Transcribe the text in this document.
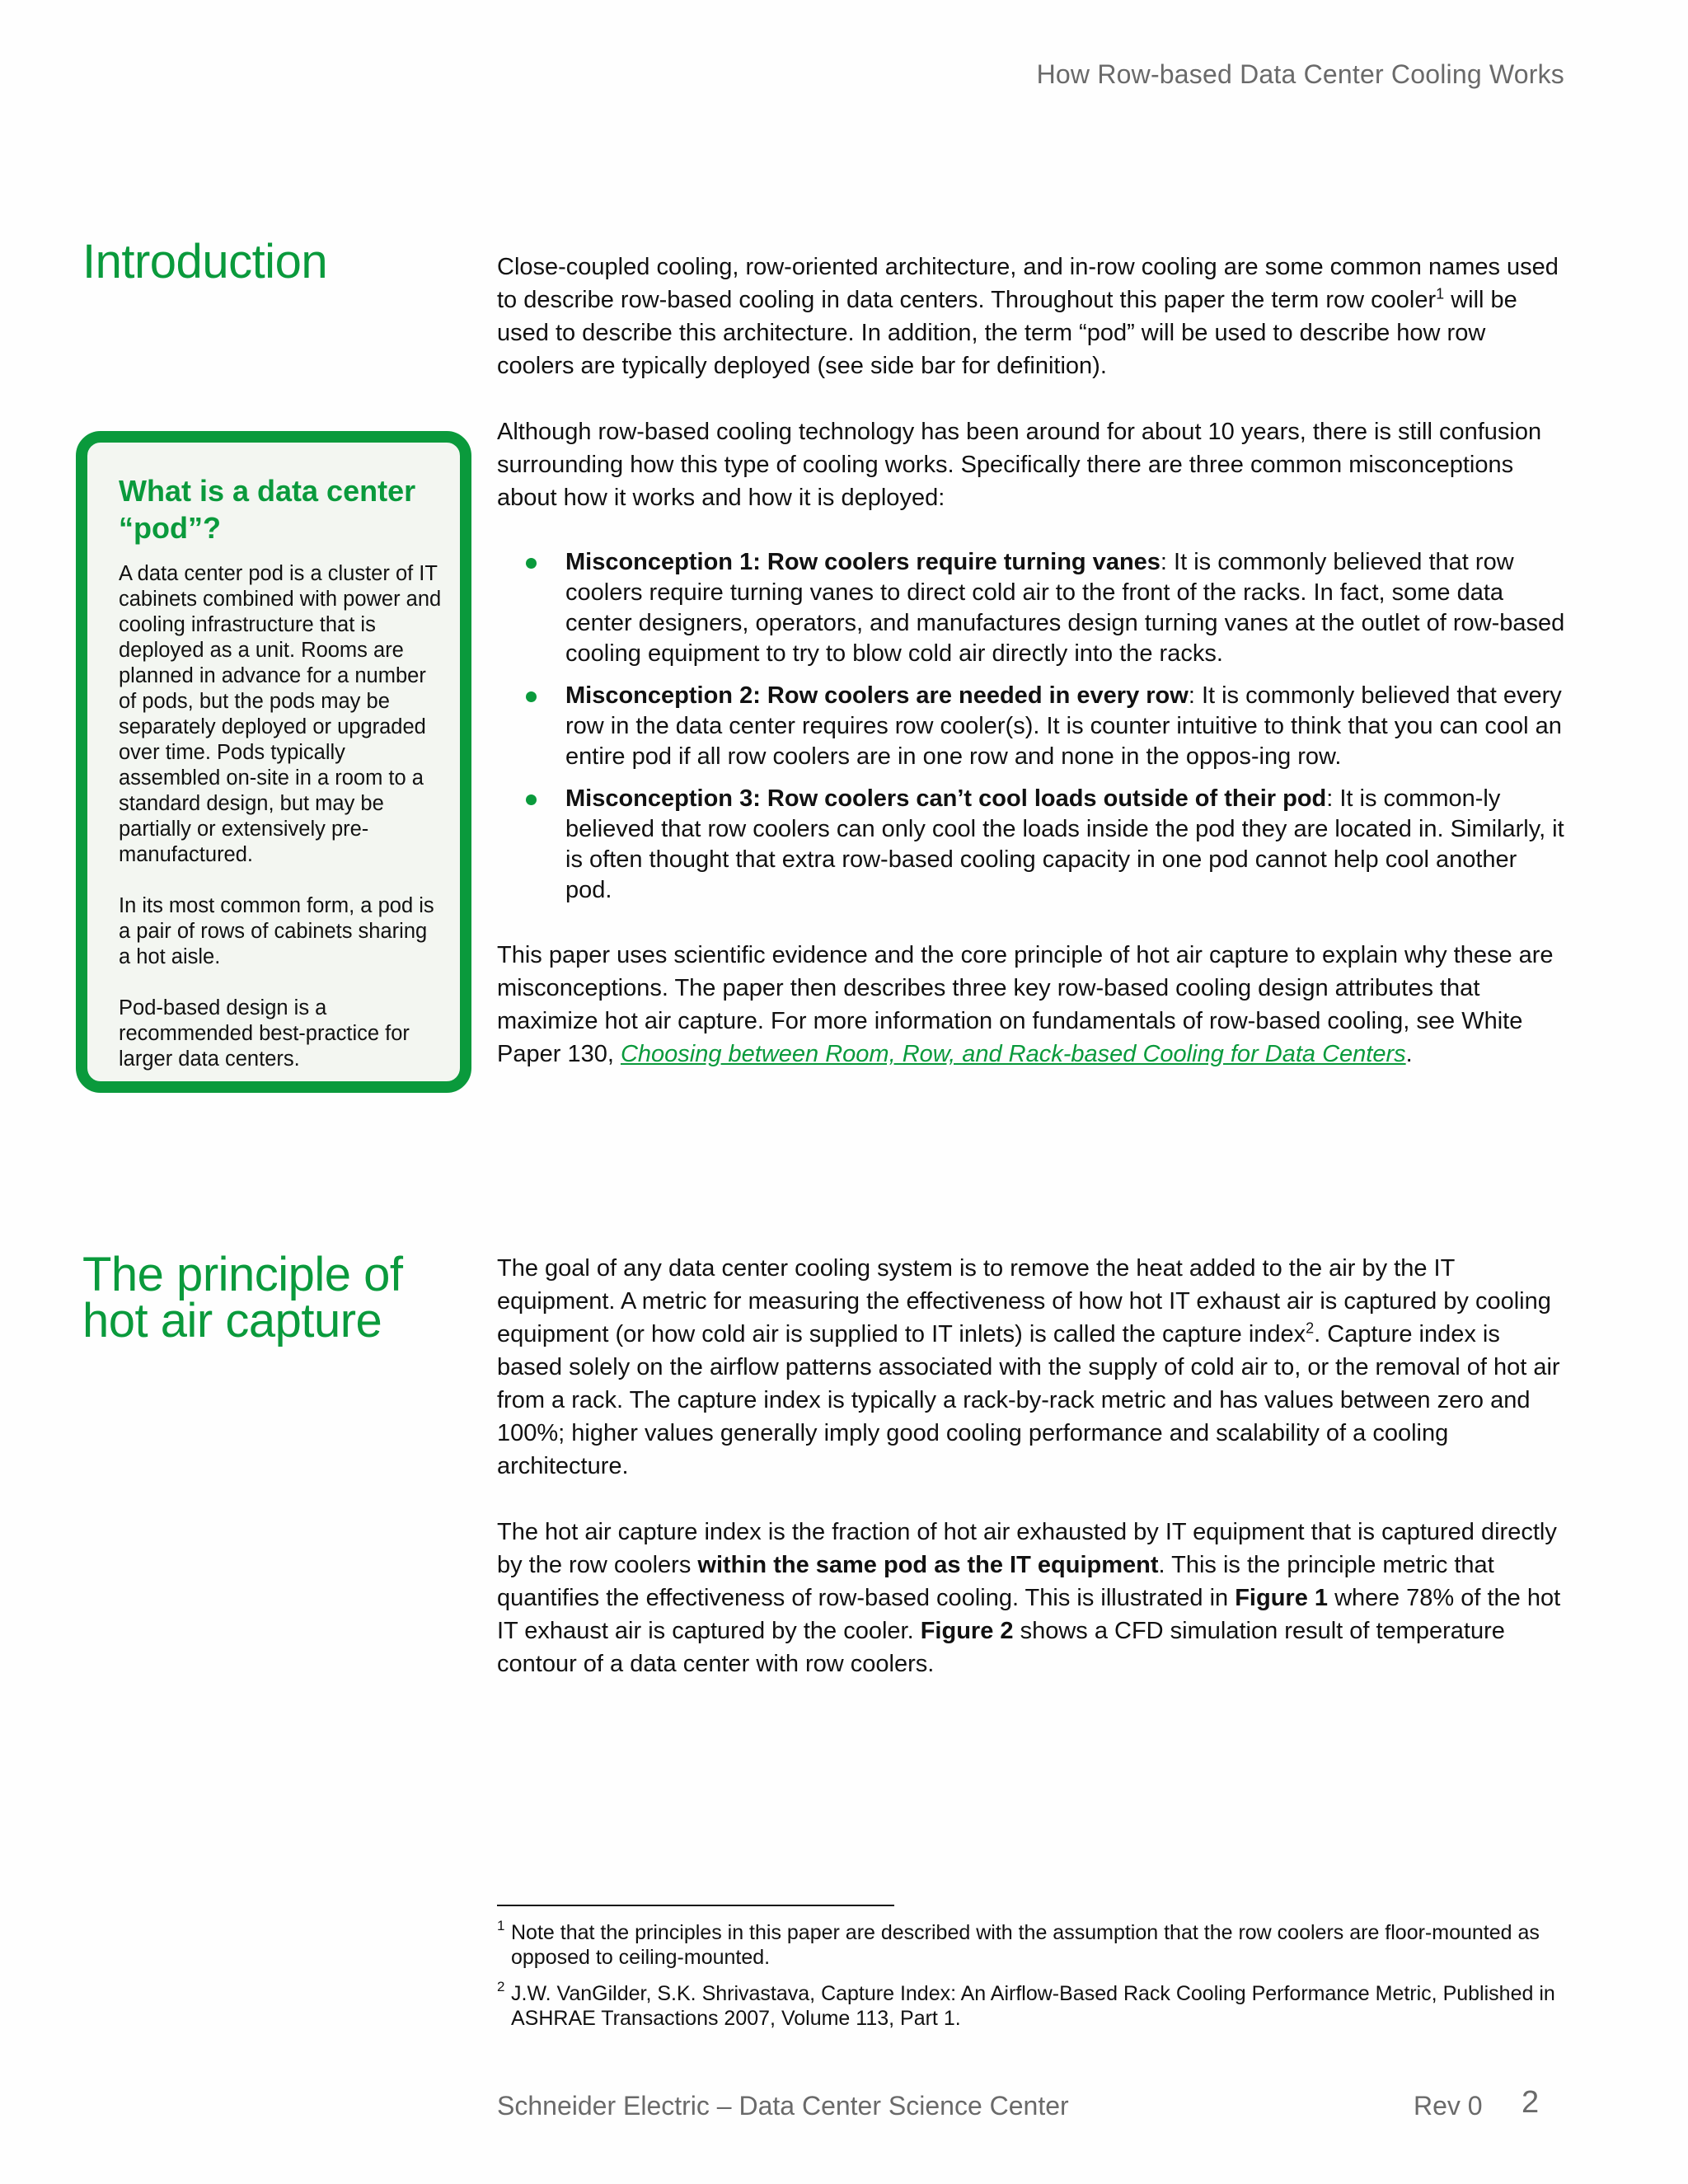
How Row-based Data Center Cooling Works
Introduction	Close-coupled cooling, row-oriented architecture, and in-row cooling are some common names used to describe row-based cooling in data centers. Throughout this paper the term row cooler$^1$ will be used to describe this architecture. In addition, the term “pod” will be used to describe how row coolers are typically deployed (see side bar for definition).

Although row-based cooling technology has been around for about 10 years, there is still confusion surrounding how this type of cooling works. Specifically there are three common misconceptions about how it works and how it is deployed:

Misconception 1: Row coolers require turning vanes: It is commonly believed that row coolers require turning vanes to direct cold air to the front of the racks. In fact, some data center designers, operators, and manufactures design turning vanes at the outlet of row-based cooling equipment to try to blow cold air directly into the racks.
Misconception 2: Row coolers are needed in every row: It is commonly believed that every row in the data center requires row cooler(s). It is counter intuitive to think that you can cool an entire pod if all row coolers are in one row and none in the oppos-ing row.
Misconception 3: Row coolers can’t cool loads outside of their pod: It is common-ly believed that row coolers can only cool the loads inside the pod they are located in. Similarly, it is often thought that extra row-based cooling capacity in one pod cannot help cool another pod.

This paper uses scientific evidence and the core principle of hot air capture to explain why these are misconceptions. The paper then describes three key row-based cooling design attributes that maximize hot air capture. For more information on fundamentals of row-based cooling, see White Paper 130, Choosing between Room, Row, and Rack-based Cooling for Data Centers.

What is a data center “pod”?

A data center pod is a cluster of IT cabinets combined with power and cooling infrastructure that is deployed as a unit. Rooms are planned in advance for a number of pods, but the pods may be separately deployed or upgraded over time. Pods typically assembled on-site in a room to a standard design, but may be partially or extensively pre-manufactured.

In its most common form, a pod is a pair of rows of cabinets sharing a hot aisle.

Pod-based design is a recommended best-practice for larger data centers.

The principle of hot air capture

The goal of any data center cooling system is to remove the heat added to the air by the IT equipment. A metric for measuring the effectiveness of how hot IT exhaust air is captured by cooling equipment (or how cold air is supplied to IT inlets) is called the capture index$^2$. Capture index is based solely on the airflow patterns associated with the supply of cold air to, or the removal of hot air from a rack. The capture index is typically a rack-by-rack metric and has values between zero and 100%; higher values generally imply good cooling performance and scalability of a cooling architecture.

The hot air capture index is the fraction of hot air exhausted by IT equipment that is captured directly by the row coolers within the same pod as the IT equipment. This is the principle metric that quantifies the effectiveness of row-based cooling. This is illustrated in Figure 1 where 78% of the hot IT exhaust air is captured by the cooler. Figure 2 shows a CFD simulation result of temperature contour of a data center with row coolers.

1 Note that the principles in this paper are described with the assumption that the row coolers are floor-mounted as opposed to ceiling-mounted.
2 J.W. VanGilder, S.K. Shrivastava, Capture Index: An Airflow-Based Rack Cooling Performance Metric, Published in ASHRAE Transactions 2007, Volume 113, Part 1.
Schneider Electric – Data Center Science Center	Rev 0 2
